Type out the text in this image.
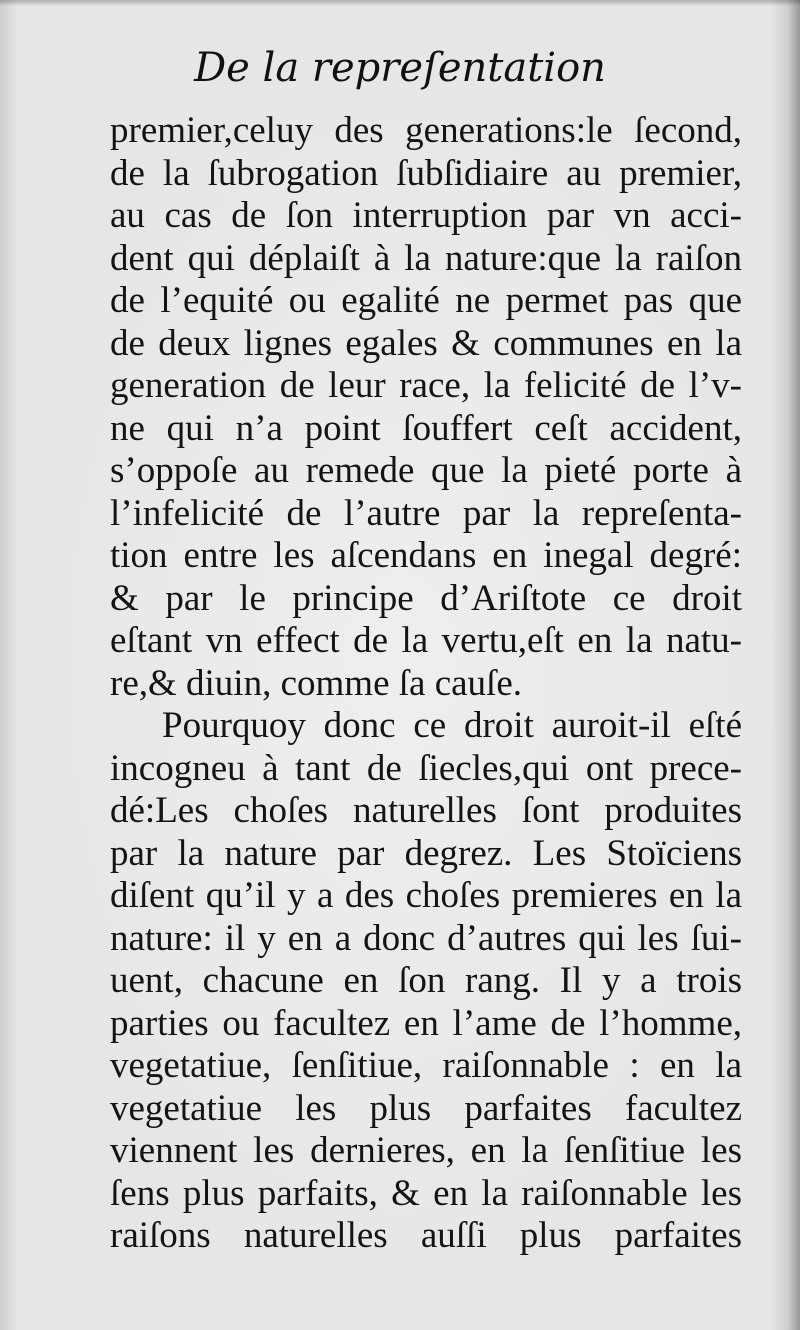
De la repreſentation
premier,celuy des generations:le ſecond,
de la ſubrogation ſubſidiaire au premier,
au cas de ſon interruption par vn acci-
dent qui déplaiſt à la nature:que la raiſon
de l’equité ou egalité ne permet pas que
de deux lignes egales & communes en la
generation de leur race, la felicité de l’v-
ne qui n’a point ſouffert ceſt accident,
s’oppoſe au remede que la pieté porte à
l’infelicité de l’autre par la repreſenta-
tion entre les aſcendans en inegal degré:
& par le principe d’Ariſtote ce droit
eſtant vn effect de la vertu,eſt en la natu-
re,& diuin, comme ſa cauſe.
Pourquoy donc ce droit auroit-il eſté
incogneu à tant de ſiecles,qui ont prece-
dé:Les choſes naturelles ſont produites
par la nature par degrez. Les Stoïciens
diſent qu’il y a des choſes premieres en la
nature: il y en a donc d’autres qui les ſui-
uent, chacune en ſon rang. Il y a trois
parties ou facultez en l’ame de l’homme,
vegetatiue, ſenſitiue, raiſonnable : en la
vegetatiue les plus parfaites facultez
viennent les dernieres, en la ſenſitiue les
ſens plus parfaits, & en la raiſonnable les
raiſons naturelles auſſi plus parfaites
